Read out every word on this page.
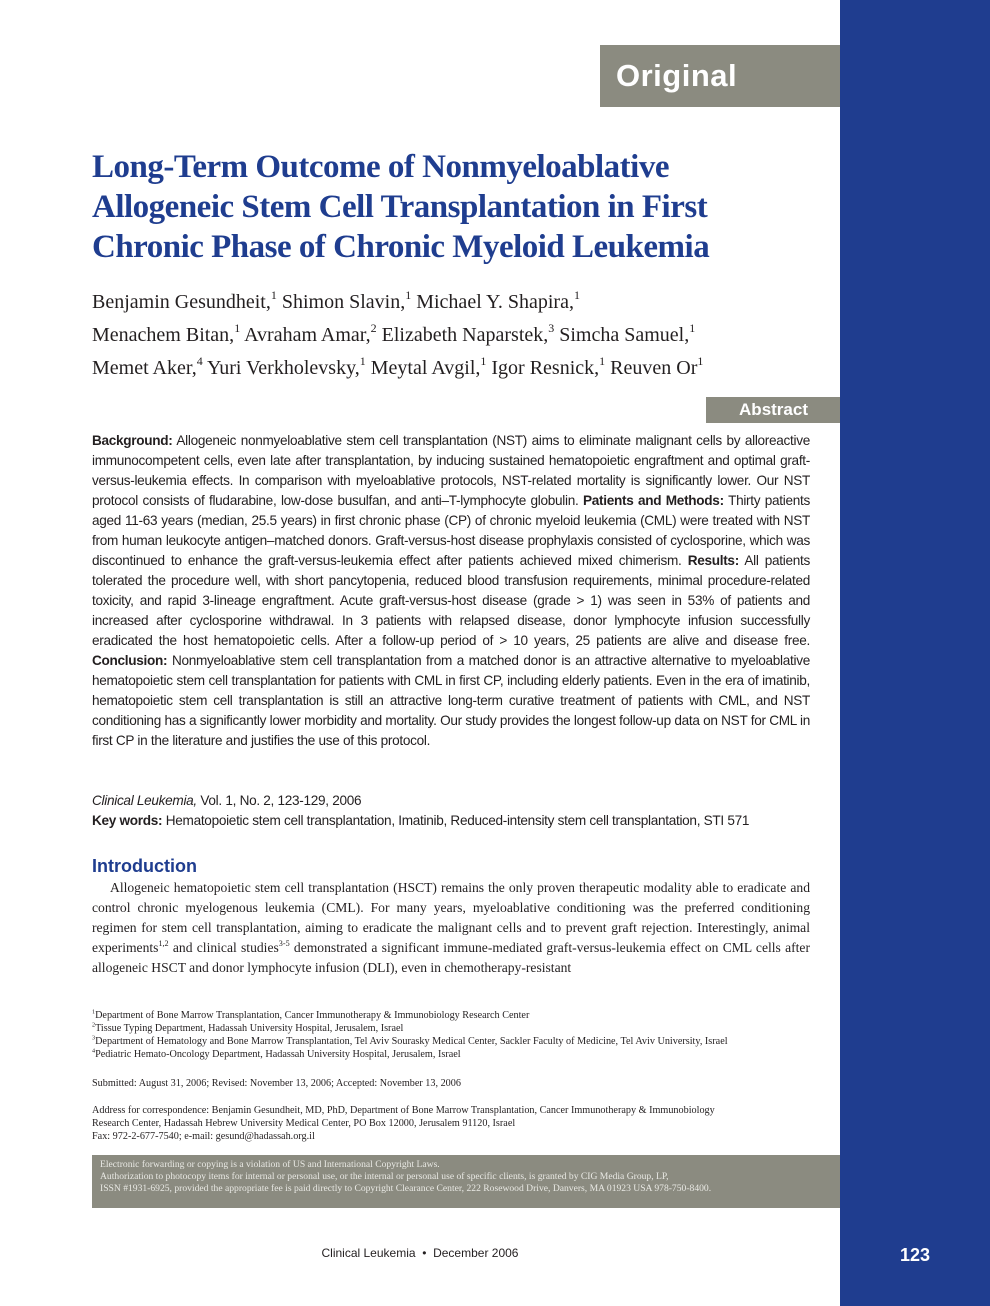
Original Contribution
Long-Term Outcome of Nonmyeloablative
Allogeneic Stem Cell Transplantation in First
Chronic Phase of Chronic Myeloid Leukemia
Benjamin Gesundheit,$^1$ Shimon Slavin,$^1$ Michael Y. Shapira,$^1$
Menachem Bitan,$^1$ Avraham Amar,$^2$ Elizabeth Naparstek,$^3$ Simcha Samuel,$^1$
Memet Aker,$^4$ Yuri Verkholevsky,$^1$ Meytal Avgil,$^1$ Igor Resnick,$^1$ Reuven Or$^1$
Abstract

Background: Allogeneic nonmyeloablative stem cell transplantation (NST) aims to eliminate malignant cells by alloreactive immunocompetent cells, even late after transplantation, by inducing sustained hematopoietic engraftment and optimal graft-versus-leukemia effects. In comparison with myeloablative protocols, NST-related mortality is significantly lower. Our NST protocol consists of fludarabine, low-dose busulfan, and anti–T-lymphocyte globulin. Patients and Methods: Thirty patients aged 11-63 years (median, 25.5 years) in first chronic phase (CP) of chronic myeloid leukemia (CML) were treated with NST from human leukocyte antigen–matched donors. Graft-versus-host disease prophylaxis consisted of cyclosporine, which was discontinued to enhance the graft-versus-leukemia effect after patients achieved mixed chimerism. Results: All patients tolerated the procedure well, with short pancytopenia, reduced blood transfusion requirements, minimal procedure-related toxicity, and rapid 3-lineage engraftment. Acute graft-versus-host disease (grade > 1) was seen in 53% of patients and increased after cyclosporine withdrawal. In 3 patients with relapsed disease, donor lymphocyte infusion successfully eradicated the host hematopoietic cells. After a follow-up period of > 10 years, 25 patients are alive and disease free. Conclusion: Nonmyeloablative stem cell transplantation from a matched donor is an attractive alternative to myeloablative hematopoietic stem cell transplantation for patients with CML in first CP, including elderly patients. Even in the era of imatinib, hematopoietic stem cell transplantation is still an attractive long-term curative treatment of patients with CML, and NST conditioning has a significantly lower morbidity and mortality. Our study provides the longest follow-up data on NST for CML in first CP in the literature and justifies the use of this protocol.

Clinical Leukemia, Vol. 1, No. 2, 123-129, 2006
Key words: Hematopoietic stem cell transplantation, Imatinib, Reduced-intensity stem cell transplantation, STI 571
Introduction

Allogeneic hematopoietic stem cell transplantation (HSCT) remains the only proven therapeutic modality able to eradicate and control chronic myelogenous leukemia (CML). For many years, myeloablative conditioning was the preferred conditioning regimen for stem cell transplantation, aiming to eradicate the malignant cells and to prevent graft rejection. Interestingly, animal experiments$^{1,2}$ and clinical studies$^{3-5}$ demonstrated a significant immune-mediated graft-versus-leukemia effect on CML cells after allogeneic HSCT and donor lymphocyte infusion (DLI), even in chemotherapy-resistant

$^1$Department of Bone Marrow Transplantation, Cancer Immunotherapy & Immunobiology Research Center
$^2$Tissue Typing Department, Hadassah University Hospital, Jerusalem, Israel
$^3$Department of Hematology and Bone Marrow Transplantation, Tel Aviv Sourasky Medical Center, Sackler Faculty of Medicine, Tel Aviv University, Israel
$^4$Pediatric Hemato-Oncology Department, Hadassah University Hospital, Jerusalem, Israel
Submitted: August 31, 2006; Revised: November 13, 2006; Accepted: November 13, 2006
Address for correspondence: Benjamin Gesundheit, MD, PhD, Department of Bone Marrow Transplantation, Cancer Immunotherapy & Immunobiology
Research Center, Hadassah Hebrew University Medical Center, PO Box 12000, Jerusalem 91120, Israel
Fax: 972-2-677-7540; e-mail: gesund@hadassah.org.il
Electronic forwarding or copying is a violation of US and International Copyright Laws.
Authorization to photocopy items for internal or personal use, or the internal or personal use of specific clients, is granted by CIG Media Group, LP,
ISSN #1931-6925, provided the appropriate fee is paid directly to Copyright Clearance Center, 222 Rosewood Drive, Danvers, MA 01923 USA 978-750-8400.
Clinical Leukemia • December 2006	123
